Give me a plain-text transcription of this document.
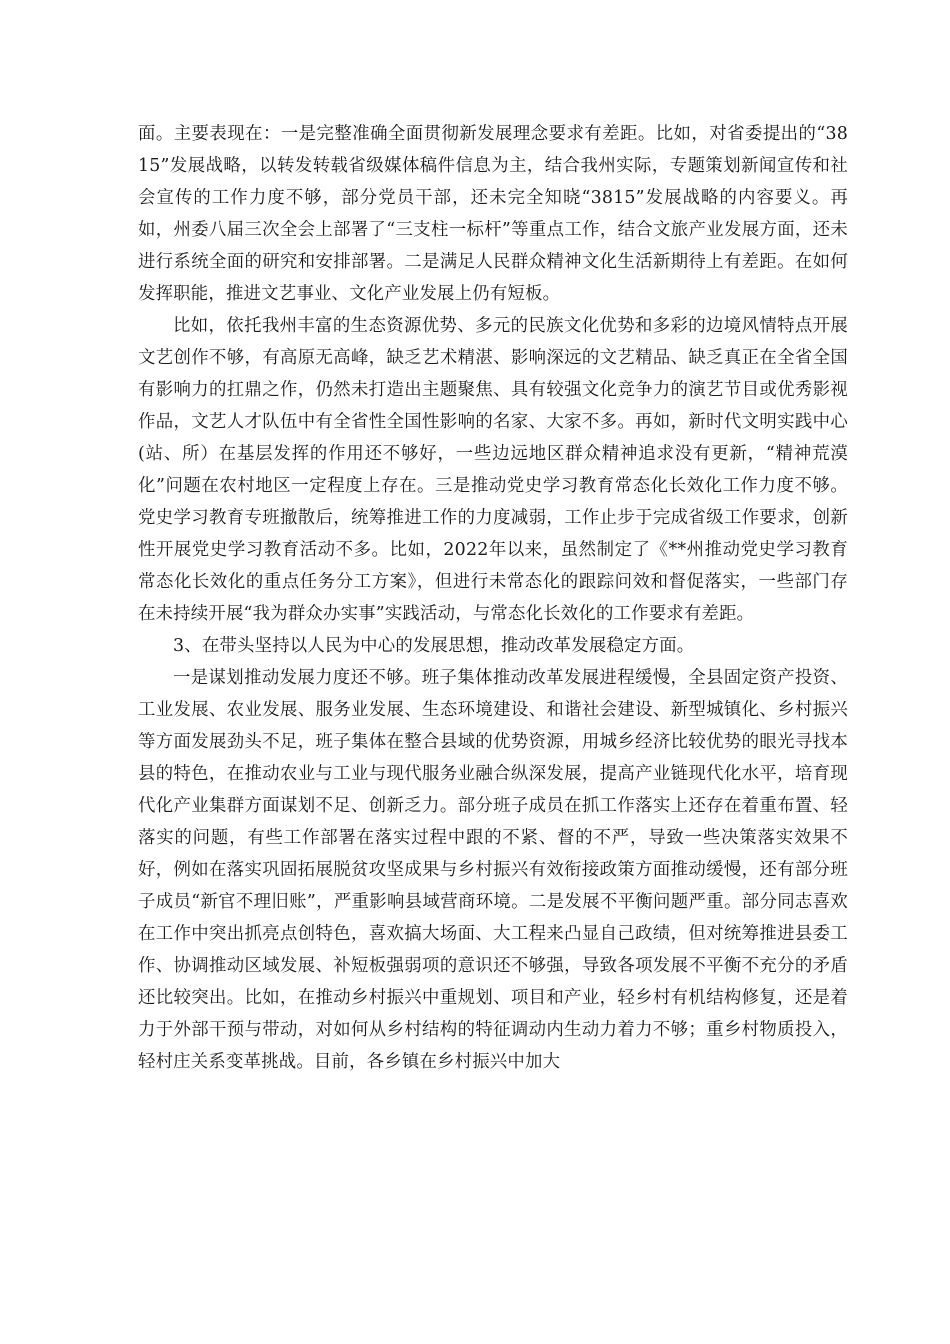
面。主要表现在：一是完整准确全面贯彻新发展理念要求有差距。比如，对省委提出的“3815”发展战略，以转发转载省级媒体稿件信息为主，结合我州实际，专题策划新闻宣传和社会宣传的工作力度不够，部分党员干部，还未完全知晓“3815”发展战略的内容要义。再如，州委八届三次全会上部署了“三支柱一标杆”等重点工作，结合文旅产业发展方面，还未进行系统全面的研究和安排部署。二是满足人民群众精神文化生活新期待上有差距。在如何发挥职能，推进文艺事业、文化产业发展上仍有短板。

比如，依托我州丰富的生态资源优势、多元的民族文化优势和多彩的边境风情特点开展文艺创作不够，有高原无高峰，缺乏艺术精湛、影响深远的文艺精品、缺乏真正在全省全国有影响力的扛鼎之作，仍然未打造出主题聚焦、具有较强文化竞争力的演艺节目或优秀影视作品，文艺人才队伍中有全省性全国性影响的名家、大家不多。再如，新时代文明实践中心(站、所）在基层发挥的作用还不够好，一些边远地区群众精神追求没有更新，“精神荒漠化”问题在农村地区一定程度上存在。三是推动党史学习教育常态化长效化工作力度不够。党史学习教育专班撤散后，统筹推进工作的力度减弱，工作止步于完成省级工作要求，创新性开展党史学习教育活动不多。比如，2022年以来，虽然制定了《**州推动党史学习教育常态化长效化的重点任务分工方案》，但进行未常态化的跟踪问效和督促落实，一些部门存在未持续开展“我为群众办实事”实践活动，与常态化长效化的工作要求有差距。

3、在带头坚持以人民为中心的发展思想，推动改革发展稳定方面。

一是谋划推动发展力度还不够。班子集体推动改革发展进程缓慢，全县固定资产投资、工业发展、农业发展、服务业发展、生态环境建设、和谐社会建设、新型城镇化、乡村振兴等方面发展劲头不足，班子集体在整合县域的优势资源，用城乡经济比较优势的眼光寻找本县的特色，在推动农业与工业与现代服务业融合纵深发展，提高产业链现代化水平，培育现代化产业集群方面谋划不足、创新乏力。部分班子成员在抓工作落实上还存在着重布置、轻落实的问题，有些工作部署在落实过程中跟的不紧、督的不严，导致一些决策落实效果不好，例如在落实巩固拓展脱贫攻坚成果与乡村振兴有效衔接政策方面推动缓慢，还有部分班子成员“新官不理旧账”，严重影响县域营商环境。二是发展不平衡问题严重。部分同志喜欢在工作中突出抓亮点创特色，喜欢搞大场面、大工程来凸显自己政绩，但对统筹推进县委工作、协调推动区域发展、补短板强弱项的意识还不够强，导致各项发展不平衡不充分的矛盾还比较突出。比如，在推动乡村振兴中重规划、项目和产业，轻乡村有机结构修复，还是着力于外部干预与带动，对如何从乡村结构的特征调动内生动力着力不够；重乡村物质投入，轻村庄关系变革挑战。目前，各乡镇在乡村振兴中加大
